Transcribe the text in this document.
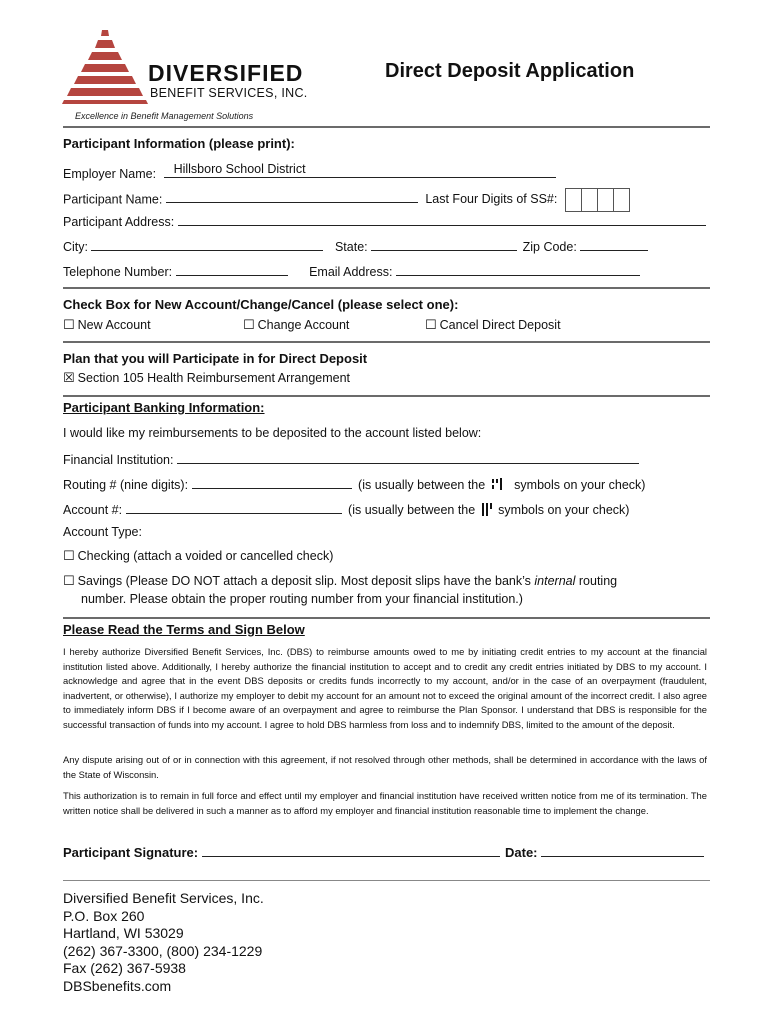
DIVERSIFIED
BENEFIT SERVICES, INC.
Excellence in Benefit Management Solutions
Direct Deposit Application
Participant Information (please print):
Employer Name: Hillsboro School District
Participant Name:	Last Four Digits of SS#:
Participant Address:
City:	State:	Zip Code:
Telephone Number:	Email Address:
Check Box for New Account/Change/Cancel (please select one):
☐ New Account	☐ Change Account	☐ Cancel Direct Deposit
Plan that you will Participate in for Direct Deposit
☒ Section 105 Health Reimbursement Arrangement
Participant Banking Information:
I would like my reimbursements to be deposited to the account listed below:
Financial Institution:
Routing # (nine digits):	(is usually between the symbols on your check)
Account #:	(is usually between the symbols on your check)
Account Type:
☐ Checking (attach a voided or cancelled check)
☐ Savings (Please DO NOT attach a deposit slip. Most deposit slips have the bank’s internal routing
number. Please obtain the proper routing number from your financial institution.)
Please Read the Terms and Sign Below
I hereby authorize Diversified Benefit Services, Inc. (DBS) to reimburse amounts owed to me by initiating credit entries to my account at the financial institution listed above. Additionally, I hereby authorize the financial institution to accept and to credit any credit entries initiated by DBS to my account. I acknowledge and agree that in the event DBS deposits or credits funds incorrectly to my account, and/or in the case of an overpayment (fraudulent, inadvertent, or otherwise), I authorize my employer to debit my account for an amount not to exceed the original amount of the incorrect credit. I also agree to immediately inform DBS if I become aware of an overpayment and agree to reimburse the Plan Sponsor. I understand that DBS is responsible for the successful transaction of funds into my account. I agree to hold DBS harmless from loss and to indemnify DBS, limited to the amount of the deposit.
Any dispute arising out of or in connection with this agreement, if not resolved through other methods, shall be determined in accordance with the laws of the State of Wisconsin.
This authorization is to remain in full force and effect until my employer and financial institution have received written notice from me of its termination. The written notice shall be delivered in such a manner as to afford my employer and financial institution reasonable time to implement the change.
Participant Signature:	Date:
Diversified Benefit Services, Inc.
P.O. Box 260
Hartland, WI 53029
(262) 367-3300, (800) 234-1229
Fax (262) 367-5938
DBSbenefits.com
